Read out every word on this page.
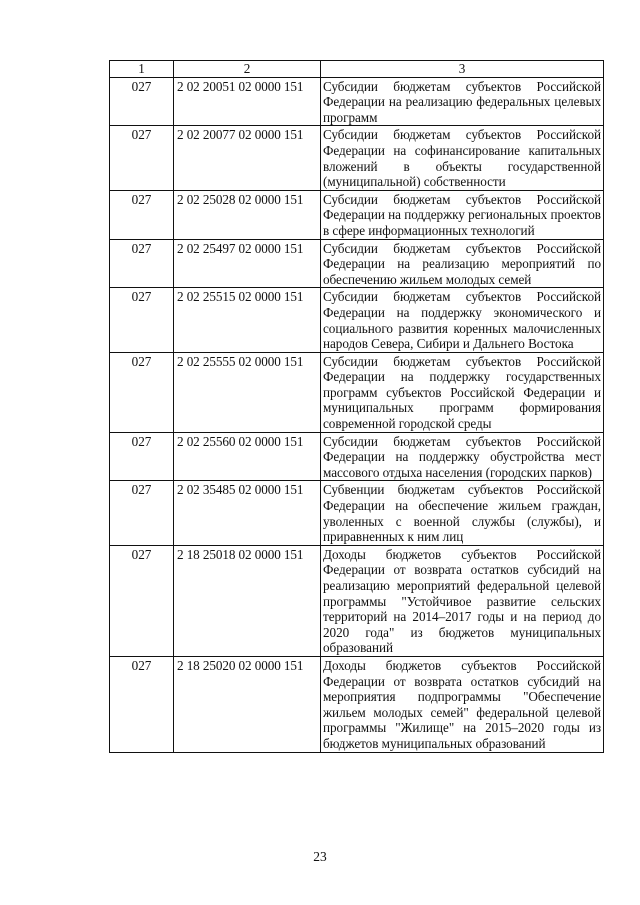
1	2	3
027	2 02 20051 02 0000 151	Субсидии бюджетам субъектов Российской Федерации на реализацию федеральных целевых программ
027	2 02 20077 02 0000 151	Субсидии бюджетам субъектов Российской Федерации на софинансирование капитальных вложений в объекты государственной (муниципальной) собственности
027	2 02 25028 02 0000 151	Субсидии бюджетам субъектов Российской Федерации на поддержку региональных проектов в сфере информационных технологий
027	2 02 25497 02 0000 151	Субсидии бюджетам субъектов Российской Федерации на реализацию мероприятий по обеспечению жильем молодых семей
027	2 02 25515 02 0000 151	Субсидии бюджетам субъектов Российской Федерации на поддержку экономического и социального развития коренных малочисленных народов Севера, Сибири и Дальнего Востока
027	2 02 25555 02 0000 151	Субсидии бюджетам субъектов Российской Федерации на поддержку государственных программ субъектов Российской Федерации и муниципальных программ формирования современной городской среды
027	2 02 25560 02 0000 151	Субсидии бюджетам субъектов Российской Федерации на поддержку обустройства мест массового отдыха населения (городских парков)
027	2 02 35485 02 0000 151	Субвенции бюджетам субъектов Российской Федерации на обеспечение жильем граждан, уволенных с военной службы (службы), и приравненных к ним лиц
027	2 18 25018 02 0000 151	Доходы бюджетов субъектов Российской Федерации от возврата остатков субсидий на реализацию мероприятий федеральной целевой программы "Устойчивое развитие сельских территорий на 2014–2017 годы и на период до 2020 года" из бюджетов муниципальных образований
027	2 18 25020 02 0000 151	Доходы бюджетов субъектов Российской Федерации от возврата остатков субсидий на мероприятия подпрограммы "Обеспечение жильем молодых семей" федеральной целевой программы "Жилище" на 2015–2020 годы из бюджетов муниципальных образований
23
